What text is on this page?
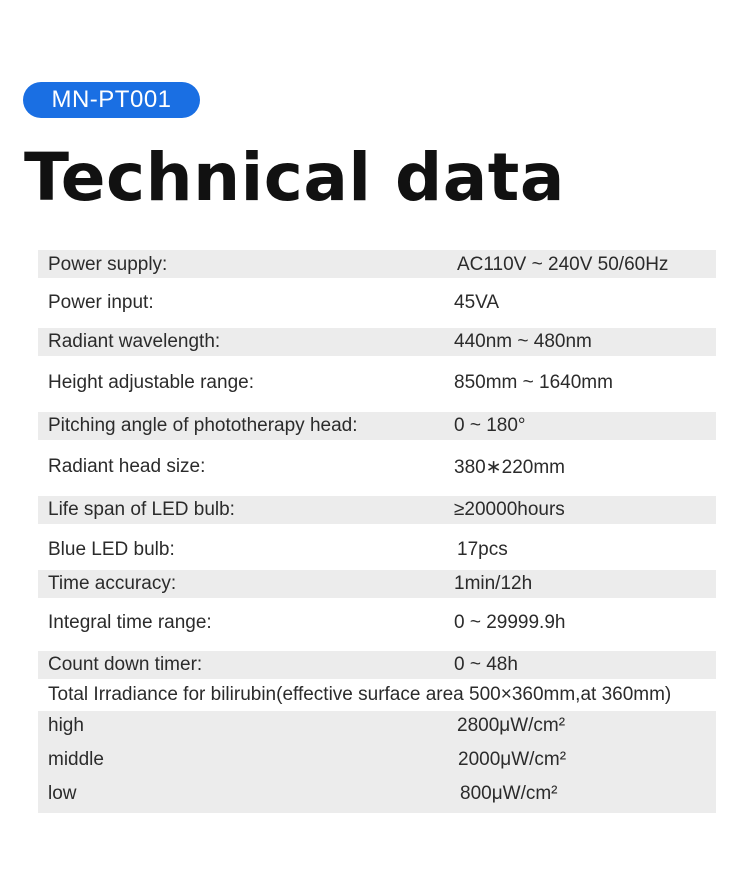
MN-PT001
Technical data
Power supply:	AC110V ~ 240V 50/60Hz
Power input:	45VA
Radiant wavelength:	440nm ~ 480nm
Height adjustable range:	850mm ~ 1640mm
Pitching angle of phototherapy head:	0 ~ 180°
Radiant head size:	380∗220mm
Life span of LED bulb:	≥20000hours
Blue LED bulb:	17pcs
Time accuracy:	1min/12h
Integral time range:	0 ~ 29999.9h
Count down timer:	0 ~ 48h
Total Irradiance for bilirubin(effective surface area 500×360mm,at 360mm)
high	2800μW/cm²
middle	2000μW/cm²
low	800μW/cm²
